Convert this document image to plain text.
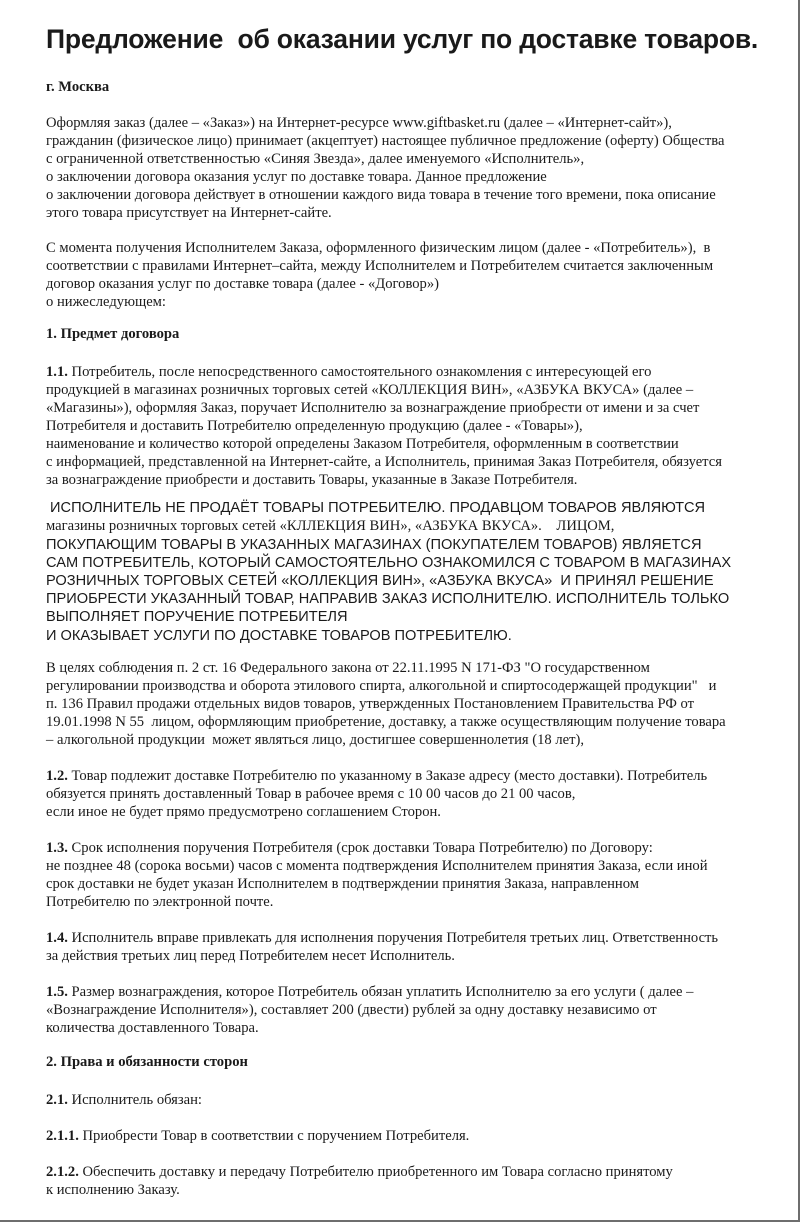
Предложение  об оказании услуг по доставке товаров.
г. Москва
Оформляя заказ (далее – «Заказ») на Интернет-ресурсе www.giftbasket.ru (далее – «Интернет-сайт»),
гражданин (физическое лицо) принимает (акцептует) настоящее публичное предложение (оферту) Общества
с ограниченной ответственностью «Синяя Звезда», далее именуемого «Исполнитель»,
о заключении договора оказания услуг по доставке товара. Данное предложение
о заключении договора действует в отношении каждого вида товара в течение того времени, пока описание
этого товара присутствует на Интернет-сайте.
С момента получения Исполнителем Заказа, оформленного физическим лицом (далее - «Потребитель»),  в
соответствии с правилами Интернет–сайта, между Исполнителем и Потребителем считается заключенным
договор оказания услуг по доставке товара (далее - «Договор»)
о нижеследующем:
1. Предмет договора
1.1. Потребитель, после непосредственного самостоятельного ознакомления с интересующей его
продукцией в магазинах розничных торговых сетей «КОЛЛЕКЦИЯ ВИН», «АЗБУКА ВКУСА» (далее –
«Магазины»), оформляя Заказ, поручает Исполнителю за вознаграждение приобрести от имени и за счет
Потребителя и доставить Потребителю определенную продукцию (далее - «Товары»),
наименование и количество которой определены Заказом Потребителя, оформленным в соответствии
с информацией, представленной на Интернет-сайте, а Исполнитель, принимая Заказ Потребителя, обязуется
за вознаграждение приобрести и доставить Товары, указанные в Заказе Потребителя.
ИСПОЛНИТЕЛЬ НЕ ПРОДАЁТ ТОВАРЫ ПОТРЕБИТЕЛЮ. ПРОДАВЦОМ ТОВАРОВ ЯВЛЯЮТСЯ
магазины розничных торговых сетей «КЛЛЕКЦИЯ ВИН», «АЗБУКА ВКУСА».    ЛИЦОМ,
ПОКУПАЮЩИМ ТОВАРЫ В УКАЗАННЫХ МАГАЗИНАХ (ПОКУПАТЕЛЕМ ТОВАРОВ) ЯВЛЯЕТСЯ
САМ ПОТРЕБИТЕЛЬ, КОТОРЫЙ САМОСТОЯТЕЛЬНО ОЗНАКОМИЛСЯ С ТОВАРОМ В МАГАЗИНАХ
РОЗНИЧНЫХ ТОРГОВЫХ СЕТЕЙ «КОЛЛЕКЦИЯ ВИН», «АЗБУКА ВКУСА»  И ПРИНЯЛ РЕШЕНИЕ
ПРИОБРЕСТИ УКАЗАННЫЙ ТОВАР, НАПРАВИВ ЗАКАЗ ИСПОЛНИТЕЛЮ. ИСПОЛНИТЕЛЬ ТОЛЬКО
ВЫПОЛНЯЕТ ПОРУЧЕНИЕ ПОТРЕБИТЕЛЯ
И ОКАЗЫВАЕТ УСЛУГИ ПО ДОСТАВКЕ ТОВАРОВ ПОТРЕБИТЕЛЮ.
В целях соблюдения п. 2 ст. 16 Федерального закона от 22.11.1995 N 171-ФЗ "О государственном
регулировании производства и оборота этилового спирта, алкогольной и спиртосодержащей продукции"   и
п. 136 Правил продажи отдельных видов товаров, утвержденных Постановлением Правительства РФ от
19.01.1998 N 55  лицом, оформляющим приобретение, доставку, а также осуществляющим получение товара
– алкогольной продукции  может являться лицо, достигшее совершеннолетия (18 лет),
1.2. Товар подлежит доставке Потребителю по указанному в Заказе адресу (место доставки). Потребитель
обязуется принять доставленный Товар в рабочее время с 10 00 часов до 21 00 часов,
если иное не будет прямо предусмотрено соглашением Сторон.
1.3. Срок исполнения поручения Потребителя (срок доставки Товара Потребителю) по Договору:
не позднее 48 (сорока восьми) часов с момента подтверждения Исполнителем принятия Заказа, если иной
срок доставки не будет указан Исполнителем в подтверждении принятия Заказа, направленном
Потребителю по электронной почте.
1.4. Исполнитель вправе привлекать для исполнения поручения Потребителя третьих лиц. Ответственность
за действия третьих лиц перед Потребителем несет Исполнитель.
1.5. Размер вознаграждения, которое Потребитель обязан уплатить Исполнителю за его услуги ( далее –
«Вознаграждение Исполнителя»), составляет 200 (двести) рублей за одну доставку независимо от
количества доставленного Товара.
2. Права и обязанности сторон
2.1. Исполнитель обязан:
2.1.1. Приобрести Товар в соответствии с поручением Потребителя.
2.1.2. Обеспечить доставку и передачу Потребителю приобретенного им Товара согласно принятому
к исполнению Заказу.
